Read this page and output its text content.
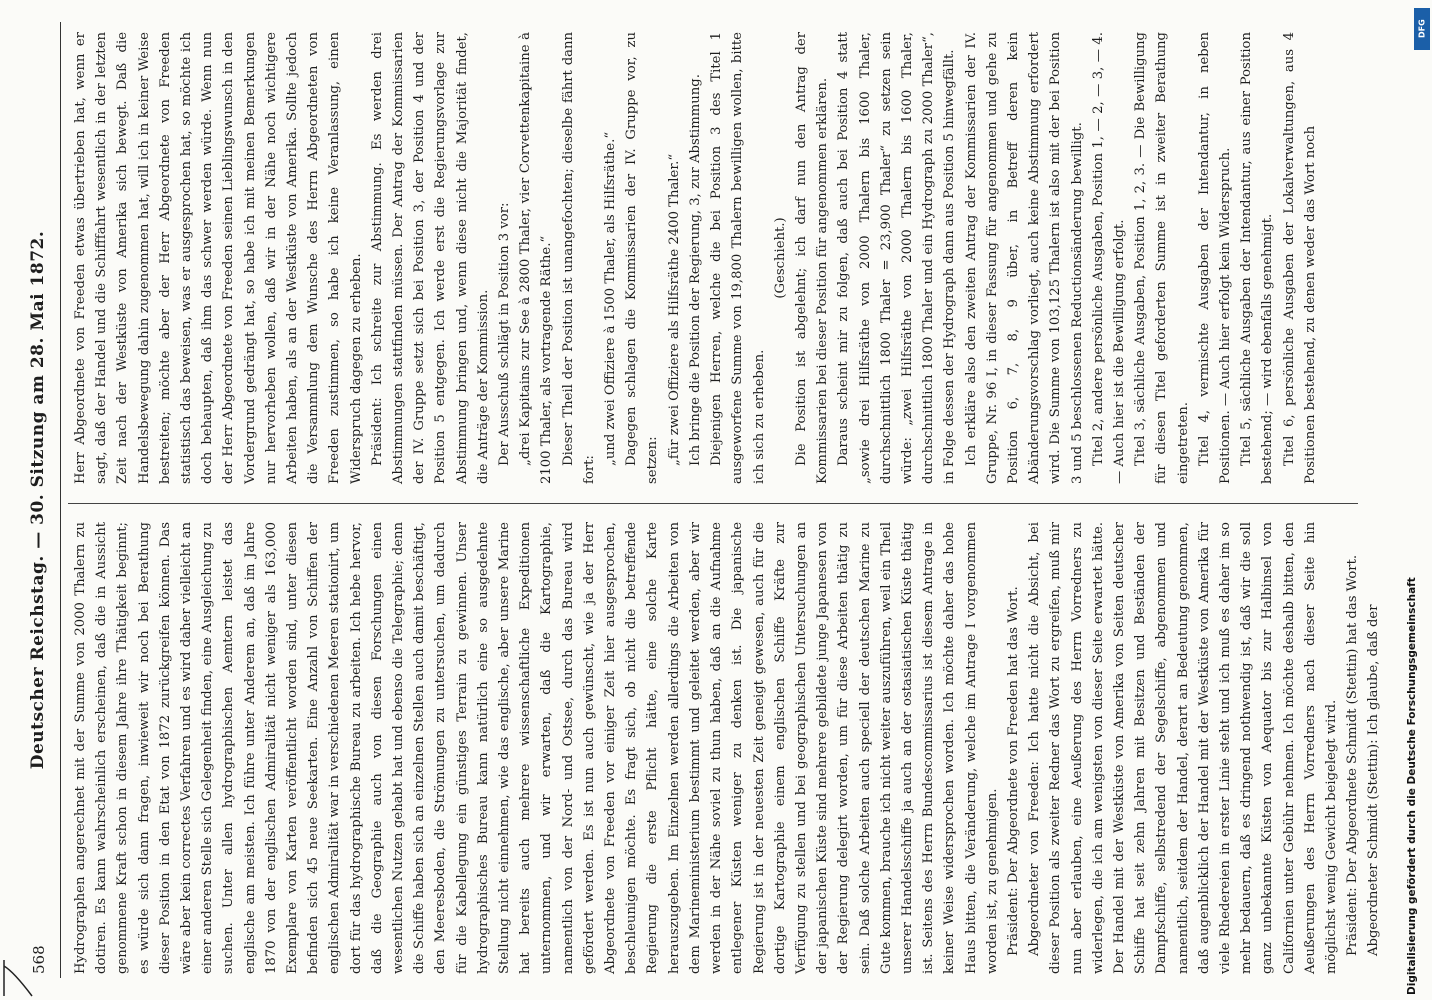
568
Deutscher Reichstag. — 30. Sitzung am 28. Mai 1872. Hydrographen angerechnet mit der Summe von 2000 Thalern zu dotiren. Es kann wahrscheinlich erscheinen, daß die in Aussicht genommene Kraft schon in diesem Jahre ihre Thätigkeit beginnt; es würde sich dann fragen, inwieweit wir noch bei Berathung dieser Position in den Etat von 1872 zurückgreifen können. Das wäre aber kein correctes Verfahren und es wird daher vielleicht an einer anderen Stelle sich Gelegenheit finden, eine Ausgleichung zu suchen. Unter allen hydrographischen Aemtern leistet das englische am meisten. Ich führe unter Anderem an, daß im Jahre 1870 von der englischen Admiralität nicht weniger als 163,000 Exemplare von Karten veröffentlicht worden sind, unter diesen befinden sich 45 neue Seekarten. Eine Anzahl von Schiffen der englischen Admiralität war in verschiedenen Meeren stationirt, um dort für das hydrographische Bureau zu arbeiten. Ich hebe hervor, daß die Geographie auch von diesen Forschungen einen wesentlichen Nutzen gehabt hat und ebenso die Telegraphie; denn die Schiffe haben sich an einzelnen Stellen auch damit beschäftigt, den Meeresboden, die Strömungen zu untersuchen, um dadurch für die Kabellegung ein günstiges Terrain zu gewinnen. Unser hydrographisches Bureau kann natürlich eine so ausgedehnte Stellung nicht einnehmen, wie das englische, aber unsere Marine hat bereits auch mehrere wissenschaftliche Expeditionen unternommen, und wir erwarten, daß die Kartographie, namentlich von der Nord- und Ostsee, durch das Bureau wird gefördert werden. Es ist nun auch gewünscht, wie ja der Herr Abgeordnete von Freeden vor einiger Zeit hier ausgesprochen, beschleunigen möchte. Es fragt sich, ob nicht die betreffende Regierung die erste Pflicht hätte, eine solche Karte herauszugeben. Im Einzelnen werden allerdings die Arbeiten von dem Marineministerium bestimmt und geleitet werden, aber wir werden in der Nähe soviel zu thun haben, daß an die Aufnahme entlegener Küsten weniger zu denken ist. Die japanische Regierung ist in der neuesten Zeit geneigt gewesen, auch für die dortige Kartographie einem englischen Schiffe Kräfte zur Verfügung zu stellen und bei geographischen Untersuchungen an der japanischen Küste sind mehrere gebildete junge Japanesen von der Regierung delegirt worden, um für diese Arbeiten thätig zu sein. Daß solche Arbeiten auch speciell der deutschen Marine zu Gute kommen, brauche ich nicht weiter auszuführen, weil ein Theil unserer Handelsschiffe ja auch an der ostasiatischen Küste thätig ist. Seitens des Herrn Bundescommissarius ist diesem Antrage in keiner Weise widersprochen worden. Ich möchte daher das hohe Haus bitten, die Veränderung, welche im Antrage I vorgenommen worden ist, zu genehmigen. Präsident: Der Abgeordnete von Freeden hat das Wort. Abgeordneter von Freeden: Ich hatte nicht die Absicht, bei dieser Position als zweiter Redner das Wort zu ergreifen, muß mir nun aber erlauben, eine Aeußerung des Herrn Vorredners zu widerlegen, die ich am wenigsten von dieser Seite erwartet hätte. Der Handel mit der Westküste von Amerika von Seiten deutscher Schiffe hat seit zehn Jahren mit Besitzen und Beständen der Dampfschiffe, selbstredend der Segelschiffe, abgenommen und namentlich, seitdem der Handel, derart an Bedeutung genommen, daß augenblicklich der Handel mit der Westküste von Amerika für viele Rhedereien in erster Linie steht und ich muß es daher im so mehr bedauern, daß es dringend nothwendig ist, daß wir die soll ganz unbekannte Küsten von Aequator bis zur Halbinsel von Californien unter Gebühr nehmen. Ich möchte deshalb bitten, den Aeußerungen des Herrn Vorredners nach dieser Seite hin möglichst wenig Gewicht beigelegt wird. Präsident: Der Abgeordnete Schmidt (Stettin) hat das Wort. Abgeordneter Schmidt (Stettin): Ich glaube, daß der

Herr Abgeordnete von Freeden etwas übertrieben hat, wenn er sagt, daß der Handel und die Schifffahrt wesentlich in der letzten Zeit nach der Westküste von Amerika sich bewegt. Daß die Handelsbewegung dahin zugenommen hat, will ich in keiner Weise bestreiten; möchte aber der Herr Abgeordnete von Freeden statistisch das beweisen, was er ausgesprochen hat, so möchte ich doch behaupten, daß ihm das schwer werden würde. Wenn nun der Herr Abgeordnete von Freeden seinen Lieblingswunsch in den Vordergrund gedrängt hat, so habe ich mit meinen Bemerkungen nur hervorheben wollen, daß wir in der Nähe noch wichtigere Arbeiten haben, als an der Westküste von Amerika. Sollte jedoch die Versammlung dem Wunsche des Herrn Abgeordneten von Freeden zustimmen, so habe ich keine Veranlassung, einen Widerspruch dagegen zu erheben. Präsident: Ich schreite zur Abstimmung. Es werden drei Abstimmungen stattfinden müssen. Der Antrag der Kommissarien der IV. Gruppe setzt sich bei Position 3, der Position 4 und der Position 5 entgegen. Ich werde erst die Regierungsvorlage zur Abstimmung bringen und, wenn diese nicht die Majorität findet, die Anträge der Kommission. Der Ausschuß schlägt in Position 3 vor: „drei Kapitains zur See à 2800 Thaler, vier Corvettenkapitaine à 2100 Thaler, als vortragende Räthe.“ Dieser Theil der Position ist unangefochten; dieselbe fährt dann fort:

„und zwei Offiziere à 1500 Thaler, als Hilfsräthe.“ Dagegen schlagen die Kommissarien der IV. Gruppe vor, zu setzen: „für zwei Offiziere als Hilfsräthe 2400 Thaler.“ Ich bringe die Position der Regierung, 3, zur Abstimmung. Diejenigen Herren, welche die bei Position 3 des Titel 1 ausgeworfene Summe von 19,800 Thalern bewilligen wollen, bitte ich sich zu erheben.

(Geschieht.) Die Position ist abgelehnt; ich darf nun den Antrag der Kommissarien bei dieser Position für angenommen erklären. Daraus scheint mir zu folgen, daß auch bei Position 4 statt „sowie drei Hilfsräthe von 2000 Thalern bis 1600 Thaler, durchschnittlich 1800 Thaler = 23,900 Thaler“ zu setzen sein würde: „zwei Hilfsräthe von 2000 Thalern bis 1600 Thaler, durchschnittlich 1800 Thaler und ein Hydrograph zu 2000 Thaler“, in Folge dessen der Hydrograph dann aus Position 5 hinwegfällt. Ich erkläre also den zweiten Antrag der Kommissarien der IV. Gruppe, Nr. 96 I, in dieser Fassung für angenommen und gehe zu Position 6, 7, 8, 9 über, in Betreff deren kein Abänderungsvorschlag vorliegt, auch keine Abstimmung erfordert wird. Die Summe von 103,125 Thalern ist also mit der bei Position 3 und 5 beschlossenen Reductionsänderung bewilligt. Titel 2, andere persönliche Ausgaben, Position 1, — 2, — 3, — 4. — Auch hier ist die Bewilligung erfolgt. Titel 3, sächliche Ausgaben, Position 1, 2, 3. — Die Bewilligung für diesen Titel geforderten Summe ist in zweiter Berathung eingetreten. Titel 4, vermischte Ausgaben der Intendantur, in neben Positionen. — Auch hier erfolgt kein Widerspruch. Titel 5, sächliche Ausgaben der Intendantur, aus einer Position bestehend; — wird ebenfalls genehmigt. Titel 6, persönliche Ausgaben der Lokalverwaltungen, aus 4 Positionen bestehend, zu denen weder das Wort noch

DFG
Digitalisierung gefördert durch die Deutsche Forschungsgemeinschaft
